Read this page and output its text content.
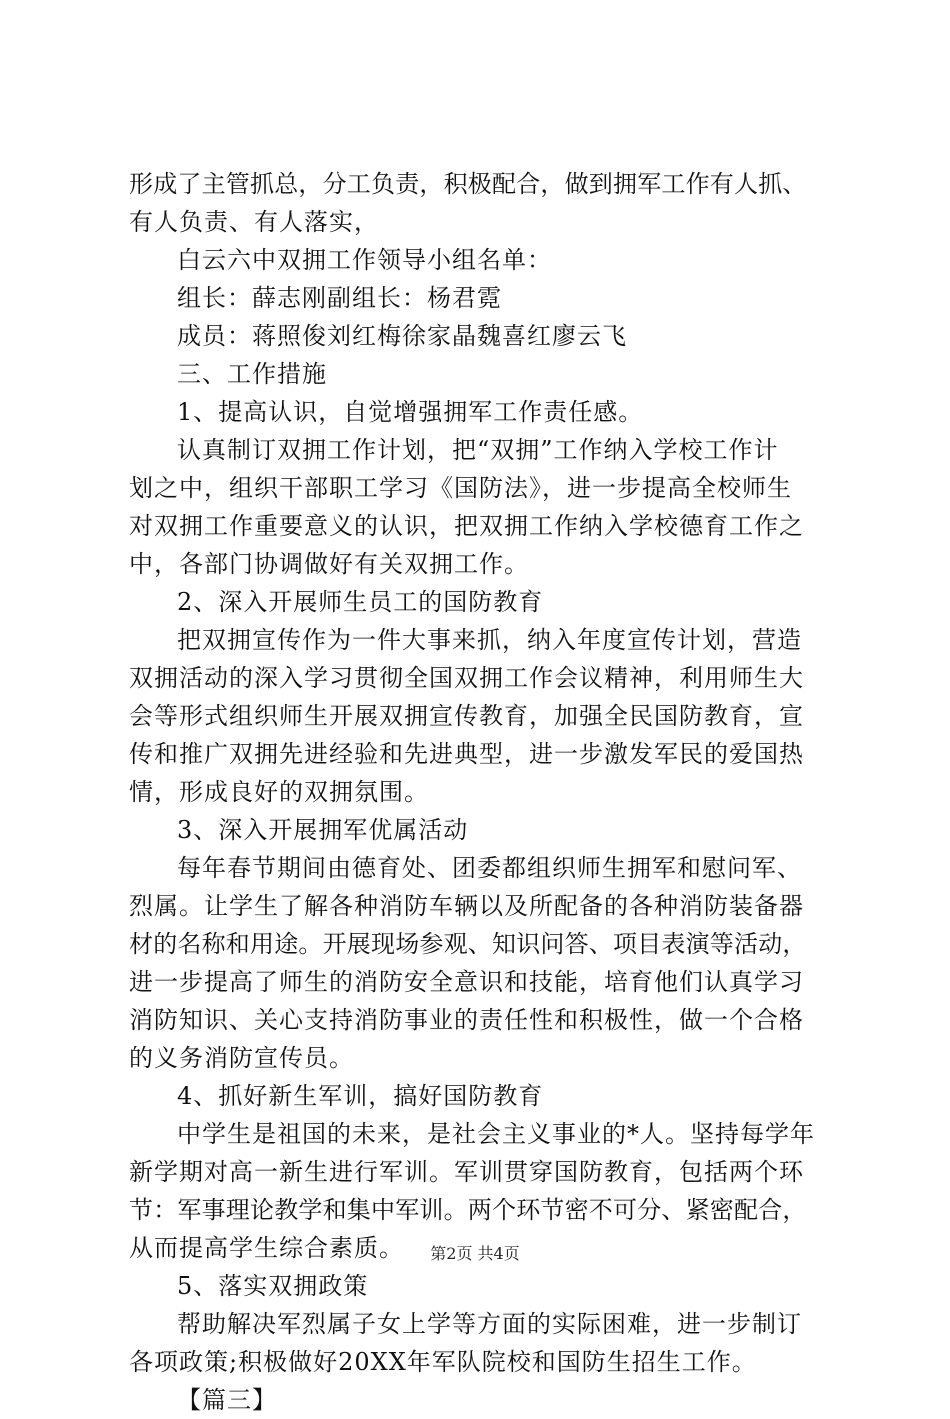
形成了主管抓总，分工负责，积极配合，做到拥军工作有人抓、
有人负责、有人落实，
白云六中双拥工作领导小组名单：
组长：薛志刚副组长：杨君霓
成员：蒋照俊刘红梅徐家晶魏喜红廖云飞
三、工作措施
1、提高认识，自觉增强拥军工作责任感。
认真制订双拥工作计划，把“双拥”工作纳入学校工作计
划之中，组织干部职工学习《国防法》，进一步提高全校师生
对双拥工作重要意义的认识，把双拥工作纳入学校德育工作之
中，各部门协调做好有关双拥工作。
2、深入开展师生员工的国防教育
把双拥宣传作为一件大事来抓，纳入年度宣传计划，营造
双拥活动的深入学习贯彻全国双拥工作会议精神，利用师生大
会等形式组织师生开展双拥宣传教育，加强全民国防教育，宣
传和推广双拥先进经验和先进典型，进一步激发军民的爱国热
情，形成良好的双拥氛围。
3、深入开展拥军优属活动
每年春节期间由德育处、团委都组织师生拥军和慰问军、
烈属。让学生了解各种消防车辆以及所配备的各种消防装备器
材的名称和用途。开展现场参观、知识问答、项目表演等活动，
进一步提高了师生的消防安全意识和技能，培育他们认真学习
消防知识、关心支持消防事业的责任性和积极性，做一个合格
的义务消防宣传员。
4、抓好新生军训，搞好国防教育
中学生是祖国的未来，是社会主义事业的*人。坚持每学年
新学期对高一新生进行军训。军训贯穿国防教育，包括两个环
节：军事理论教学和集中军训。两个环节密不可分、紧密配合，
从而提高学生综合素质。
5、落实双拥政策
帮助解决军烈属子女上学等方面的实际困难，进一步制订
各项政策;积极做好20XX年军队院校和国防生招生工作。
【篇三】
第2页 共4页
